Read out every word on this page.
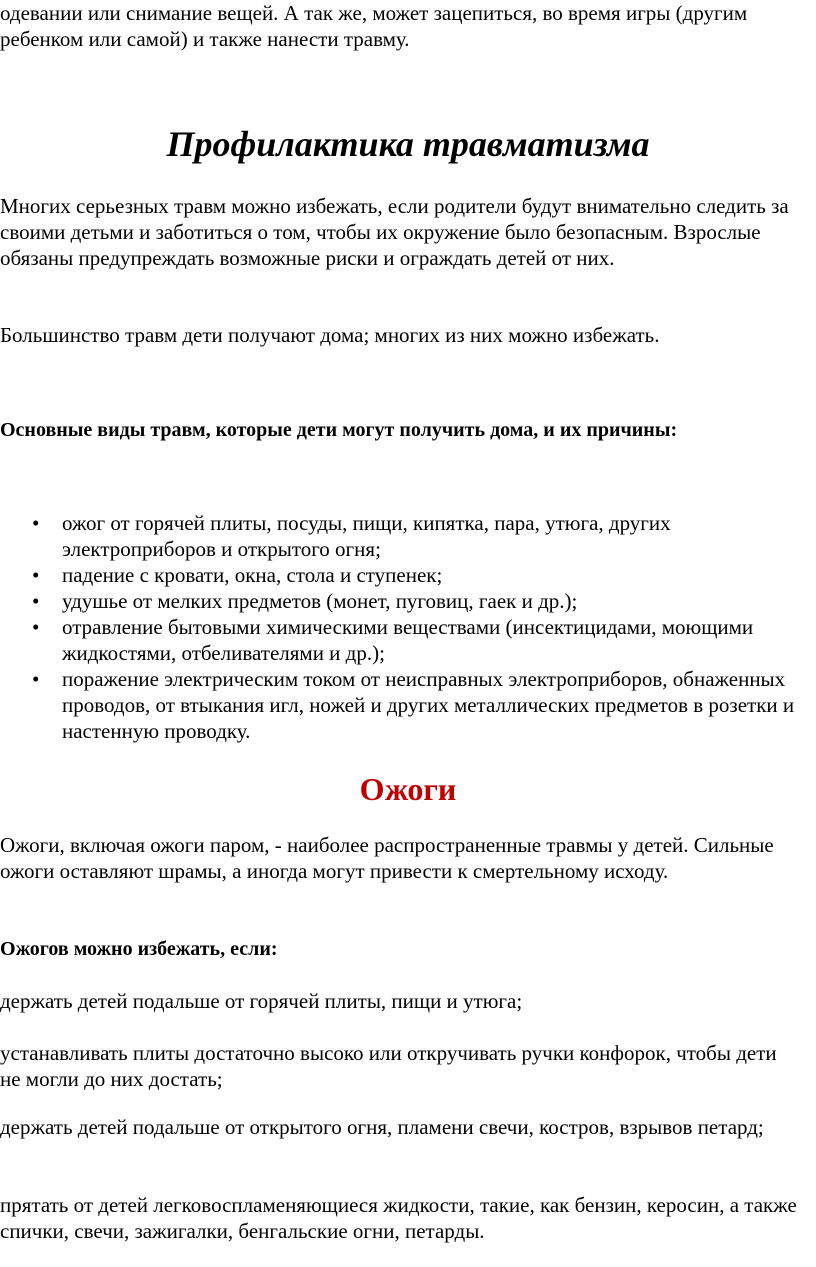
одевании или снимание вещей. А так же, может зацепиться, во время игры (другим ребенком или самой) и также нанести травму.

Профилактика травматизма

Многих серьезных травм можно избежать, если родители будут внимательно следить за своими детьми и заботиться о том, чтобы их окружение было безопасным. Взрослые обязаны предупреждать возможные риски и ограждать детей от них.

Большинство травм дети получают дома; многих из них можно избежать.

Основные виды травм, которые дети могут получить дома, и их причины:

• ожог от горячей плиты, посуды, пищи, кипятка, пара, утюга, других электроприборов и открытого огня;
• падение с кровати, окна, стола и ступенек;
• удушье от мелких предметов (монет, пуговиц, гаек и др.);
• отравление бытовыми химическими веществами (инсектицидами, моющими жидкостями, отбеливателями и др.);
• поражение электрическим током от неисправных электроприборов, обнаженных проводов, от втыкания игл, ножей и других металлических предметов в розетки и настенную проводку.
Ожоги

Ожоги, включая ожоги паром, - наиболее распространенные травмы у детей. Сильные ожоги оставляют шрамы, а иногда могут привести к смертельному исходу.

Ожогов можно избежать, если:

держать детей подальше от горячей плиты, пищи и утюга;

устанавливать плиты достаточно высоко или откручивать ручки конфорок, чтобы дети не могли до них достать;

держать детей подальше от открытого огня, пламени свечи, костров, взрывов петард;

прятать от детей легковоспламеняющиеся жидкости, такие, как бензин, керосин, а также спички, свечи, зажигалки, бенгальские огни, петарды.
